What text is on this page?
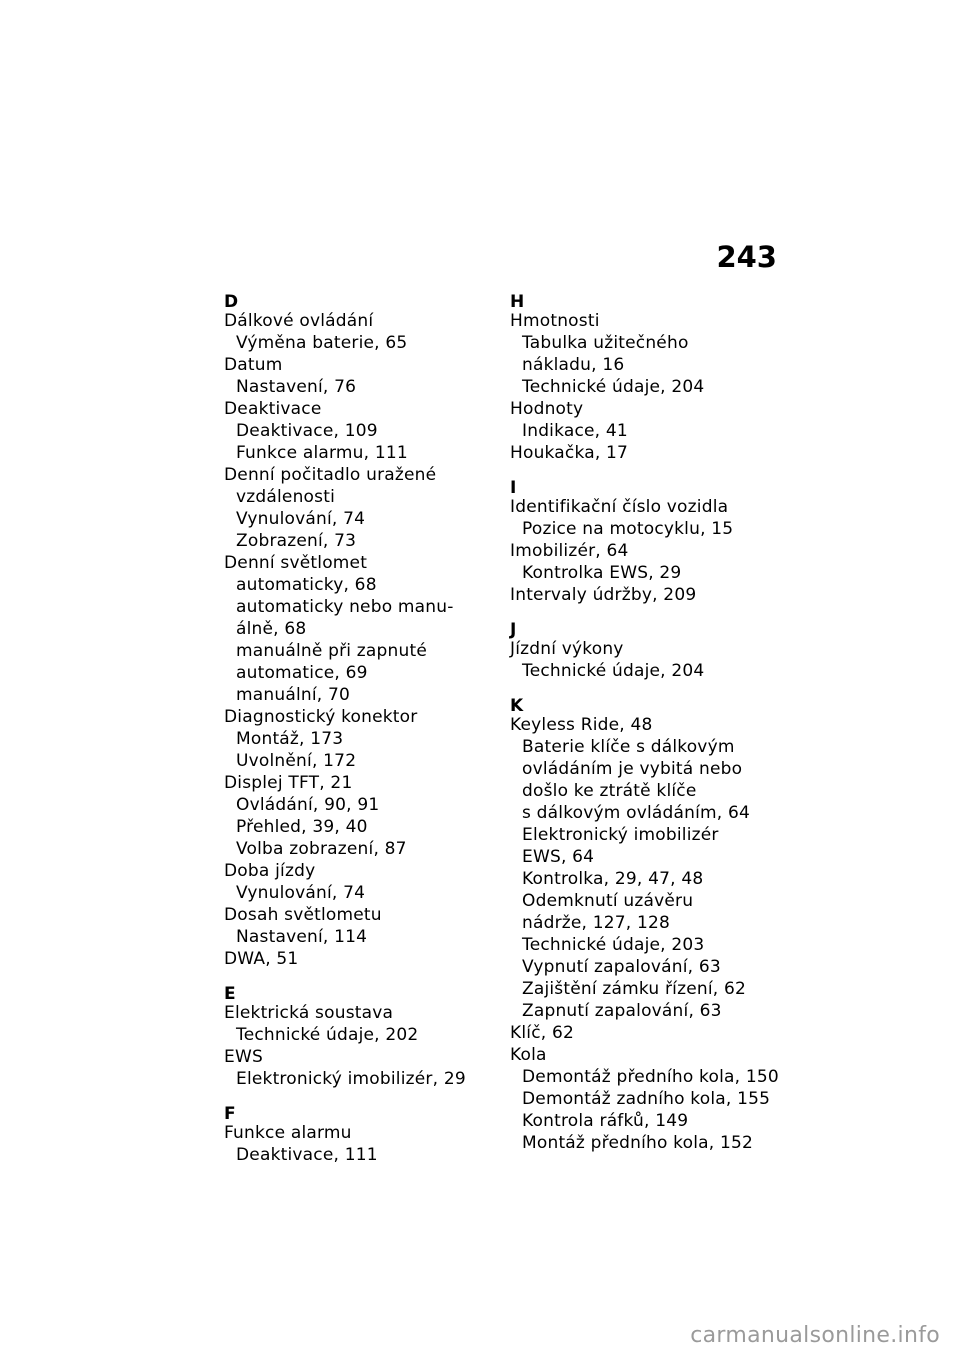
243
D
Dálkové ovládání
Výměna baterie, 65
Datum
Nastavení, 76
Deaktivace
Deaktivace, 109
Funkce alarmu, 111
Denní počitadlo uražené
vzdálenosti
Vynulování, 74
Zobrazení, 73
Denní světlomet
automaticky, 68
automaticky nebo manu-
álně, 68
manuálně při zapnuté
automatice, 69
manuální, 70
Diagnostický konektor
Montáž, 173
Uvolnění, 172
Displej TFT, 21
Ovládání, 90, 91
Přehled, 39, 40
Volba zobrazení, 87
Doba jízdy
Vynulování, 74
Dosah světlometu
Nastavení, 114
DWA, 51
E
Elektrická soustava
Technické údaje, 202
EWS
Elektronický imobilizér, 29
F
Funkce alarmu
Deaktivace, 111
H
Hmotnosti
Tabulka užitečného
nákladu, 16
Technické údaje, 204
Hodnoty
Indikace, 41
Houkačka, 17
I
Identifikační číslo vozidla
Pozice na motocyklu, 15
Imobilizér, 64
Kontrolka EWS, 29
Intervaly údržby, 209
J
Jízdní výkony
Technické údaje, 204
K
Keyless Ride, 48
Baterie klíče s dálkovým
ovládáním je vybitá nebo
došlo ke ztrátě klíče
s dálkovým ovládáním, 64
Elektronický imobilizér
EWS, 64
Kontrolka, 29, 47, 48
Odemknutí uzávěru
nádrže, 127, 128
Technické údaje, 203
Vypnutí zapalování, 63
Zajištění zámku řízení, 62
Zapnutí zapalování, 63
Klíč, 62
Kola
Demontáž předního kola, 150
Demontáž zadního kola, 155
Kontrola ráfků, 149
Montáž předního kola, 152
carmanualsonline.info
